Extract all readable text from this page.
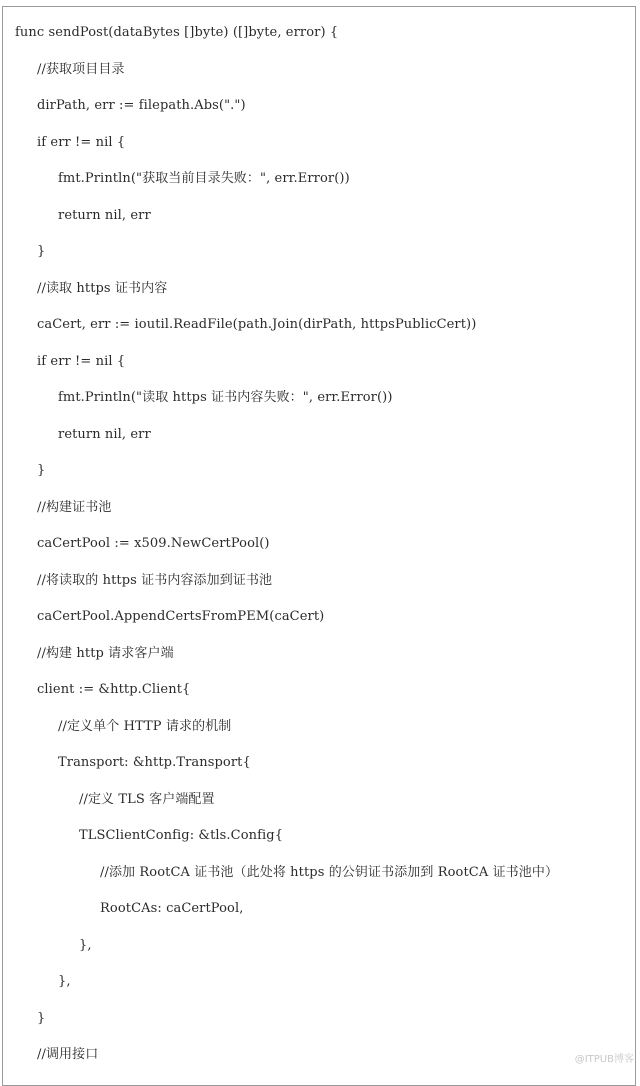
func sendPost(dataBytes []byte) ([]byte, error) {
//获取项目目录
dirPath, err := filepath.Abs(".")
if err != nil {
fmt.Println("获取当前目录失败：", err.Error())
return nil, err
}
//读取 https 证书内容
caCert, err := ioutil.ReadFile(path.Join(dirPath, httpsPublicCert))
if err != nil {
fmt.Println("读取 https 证书内容失败：", err.Error())
return nil, err
}
//构建证书池
caCertPool := x509.NewCertPool()
//将读取的 https 证书内容添加到证书池
caCertPool.AppendCertsFromPEM(caCert)
//构建 http 请求客户端
client := &http.Client{
//定义单个 HTTP 请求的机制
Transport: &http.Transport{
//定义 TLS 客户端配置
TLSClientConfig: &tls.Config{
//添加 RootCA 证书池（此处将 https 的公钥证书添加到 RootCA 证书池中）
RootCAs: caCertPool,
},
},
}
//调用接口	@ITPUB博客
